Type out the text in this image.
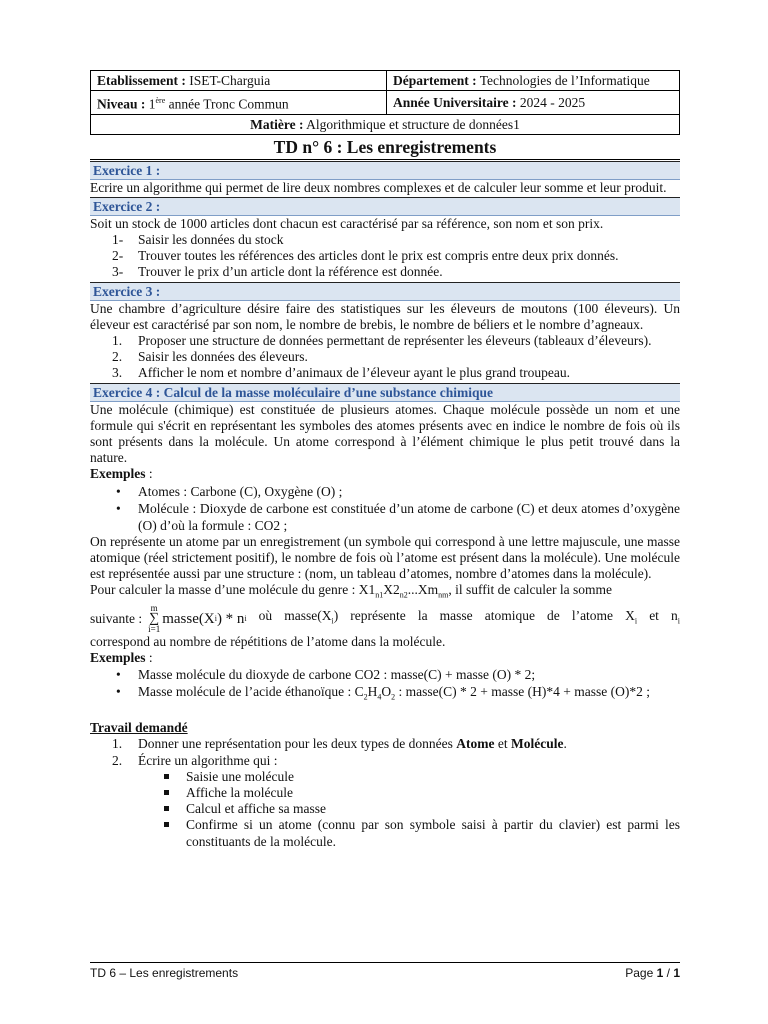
Etablissement : ISET-Charguia	Département : Technologies de l’Informatique
Niveau : 1ère année Tronc Commun	Année Universitaire : 2024 - 2025
Matière : Algorithmique et structure de données1	
TD n° 6 : Les enregistrements
Exercice 1 :
Ecrire un algorithme qui permet de lire deux nombres complexes et de calculer leur somme et leur produit.
Exercice 2 :
Soit un stock de 1000 articles dont chacun est caractérisé par sa référence, son nom et son prix.
1- Saisir les données du stock
2- Trouver toutes les références des articles dont le prix est compris entre deux prix donnés.
3- Trouver le prix d’un article dont la référence est donnée.
Exercice 3 :
Une chambre d’agriculture désire faire des statistiques sur les éleveurs de moutons (100 éleveurs). Un éleveur est caractérisé par son nom, le nombre de brebis, le nombre de béliers et le nombre d’agneaux.
1. Proposer une structure de données permettant de représenter les éleveurs (tableaux d’éleveurs).
2. Saisir les données des éleveurs.
3. Afficher le nom et nombre d’animaux de l’éleveur ayant le plus grand troupeau.
Exercice 4 : Calcul de la masse moléculaire d’une substance chimique
Une molécule (chimique) est constituée de plusieurs atomes. Chaque molécule possède un nom et une formule qui s'écrit en représentant les symboles des atomes présents avec en indice le nombre de fois où ils sont présents dans la molécule. Un atome correspond à l’élément chimique le plus petit trouvé dans la nature.
Exemples :
• Atomes : Carbone (C), Oxygène (O) ;
• Molécule : Dioxyde de carbone est constituée d’un atome de carbone (C) et deux atomes d’oxygène (O) d’où la formule : CO2 ;
On représente un atome par un enregistrement (un symbole qui correspond à une lettre majuscule, une masse atomique (réel strictement positif), le nombre de fois où l’atome est présent dans la molécule). Une molécule est représentée aussi par une structure : (nom, un tableau d’atomes, nombre d’atomes dans la molécule).
Pour calculer la masse d’une molécule du genre : $X1_{n1}X2_{n2}...Xm_{nm}$, il suffit de calculer la somme
suivante :
m
∑
i=1
masse(X i ) * n i où $masse(X_i)$ représente la masse atomique de l’atome $X_i$ et $n_i$
correspond au nombre de répétitions de l’atome dans la molécule.
Exemples :
• Masse molécule du dioxyde de carbone CO2 : masse(C) + masse (O) * 2;
• Masse molécule de l’acide éthanoïque : $C_2H_4O_2$ : masse(C) * 2 + masse (H)*4 + masse (O)*2 ;
Travail demandé
1. Donner une représentation pour les deux types de données Atome et Molécule.
2. Écrire un algorithme qui :
Saisie une molécule
Affiche la molécule
Calcul et affiche sa masse
Confirme si un atome (connu par son symbole saisi à partir du clavier) est parmi les constituants de la molécule.
TD 6 – Les enregistrements	Page 1 / 1
